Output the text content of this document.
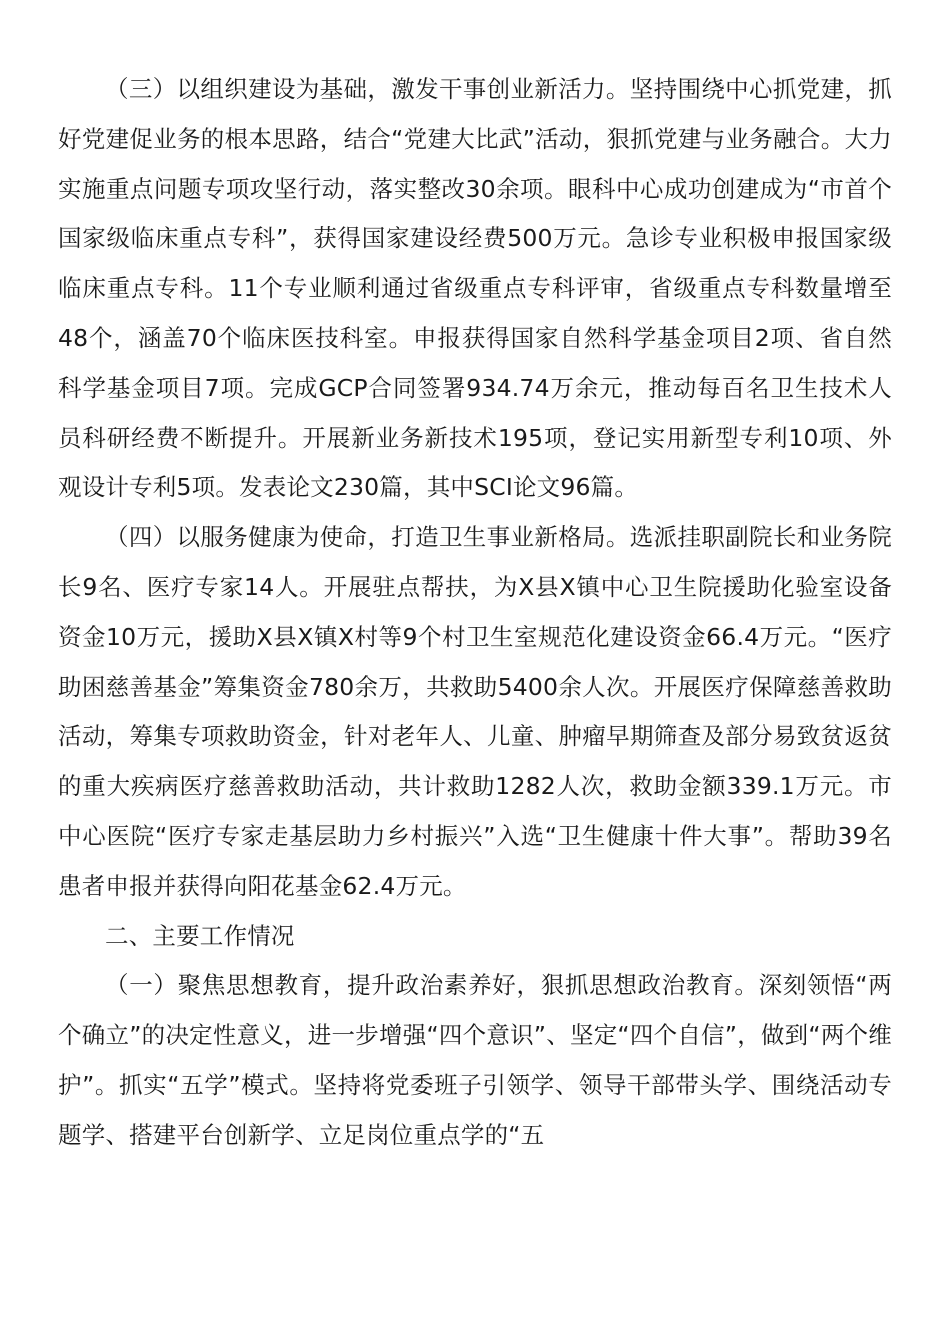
（三）以组织建设为基础，激发干事创业新活力。坚持围绕中心抓党建，抓好党建促业务的根本思路，结合“党建大比武”活动，狠抓党建与业务融合。大力实施重点问题专项攻坚行动，落实整改30余项。眼科中心成功创建成为“市首个国家级临床重点专科”，获得国家建设经费500万元。急诊专业积极申报国家级临床重点专科。11个专业顺利通过省级重点专科评审，省级重点专科数量增至48个，涵盖70个临床医技科室。申报获得国家自然科学基金项目2项、省自然科学基金项目7项。完成GCP合同签署934.74万余元，推动每百名卫生技术人员科研经费不断提升。开展新业务新技术195项，登记实用新型专利10项、外观设计专利5项。发表论文230篇，其中SCI论文96篇。

（四）以服务健康为使命，打造卫生事业新格局。选派挂职副院长和业务院长9名、医疗专家14人。开展驻点帮扶，为X县X镇中心卫生院援助化验室设备资金10万元，援助X县X镇X村等9个村卫生室规范化建设资金66.4万元。“医疗助困慈善基金”筹集资金780余万，共救助5400余人次。开展医疗保障慈善救助活动，筹集专项救助资金，针对老年人、儿童、肿瘤早期筛查及部分易致贫返贫的重大疾病医疗慈善救助活动，共计救助1282人次，救助金额339.1万元。市中心医院“医疗专家走基层助力乡村振兴”入选“卫生健康十件大事”。帮助39名患者申报并获得向阳花基金62.4万元。

二、主要工作情况

（一）聚焦思想教育，提升政治素养好，狠抓思想政治教育。深刻领悟“两个确立”的决定性意义，进一步增强“四个意识”、坚定“四个自信”，做到“两个维护”。抓实“五学”模式。坚持将党委班子引领学、领导干部带头学、围绕活动专题学、搭建平台创新学、立足岗位重点学的“五
